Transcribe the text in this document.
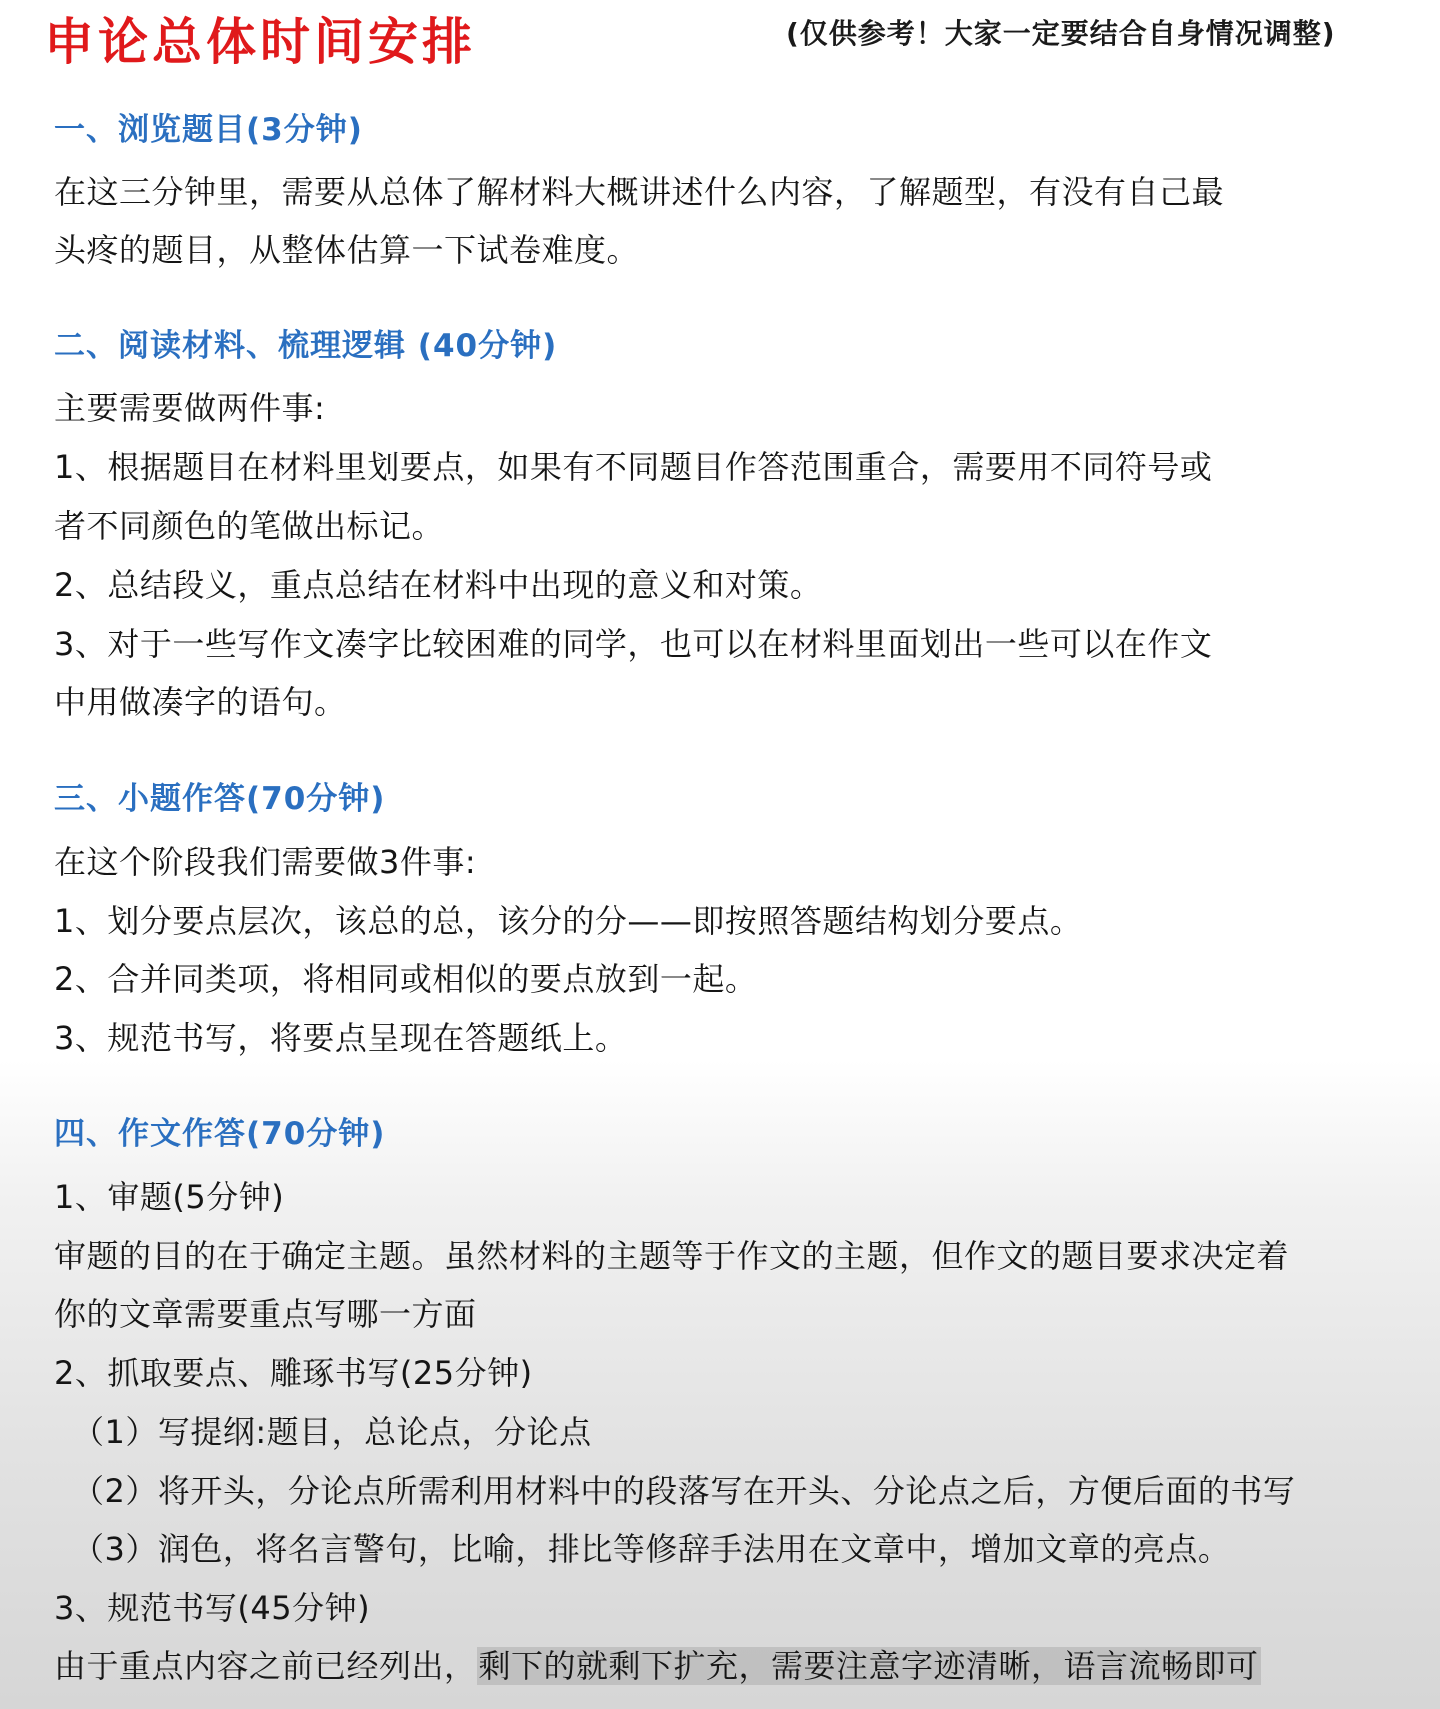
申论总体时间安排	(仅供参考！大家一定要结合自身情况调整)
一、浏览题目(3分钟)
在这三分钟里，需要从总体了解材料大概讲述什么内容，了解题型，有没有自己最
头疼的题目，从整体估算一下试卷难度。
二、阅读材料、梳理逻辑 (40分钟)
主要需要做两件事:
1、根据题目在材料里划要点，如果有不同题目作答范围重合，需要用不同符号或
者不同颜色的笔做出标记。
2、总结段义，重点总结在材料中出现的意义和对策。
3、对于一些写作文凑字比较困难的同学，也可以在材料里面划出一些可以在作文
中用做凑字的语句。
三、小题作答(70分钟)
在这个阶段我们需要做3件事:
1、划分要点层次，该总的总，该分的分——即按照答题结构划分要点。
2、合并同类项，将相同或相似的要点放到一起。
3、规范书写，将要点呈现在答题纸上。
四、作文作答(70分钟)
1、审题(5分钟)
审题的目的在于确定主题。虽然材料的主题等于作文的主题，但作文的题目要求决定着
你的文章需要重点写哪一方面
2、抓取要点、雕琢书写(25分钟)
（1）写提纲:题目，总论点，分论点
（2）将开头，分论点所需利用材料中的段落写在开头、分论点之后，方便后面的书写
（3）润色，将名言警句，比喻，排比等修辞手法用在文章中，增加文章的亮点。
3、规范书写(45分钟)
由于重点内容之前已经列出，剩下的就剩下扩充，需要注意字迹清晰，语言流畅即可
